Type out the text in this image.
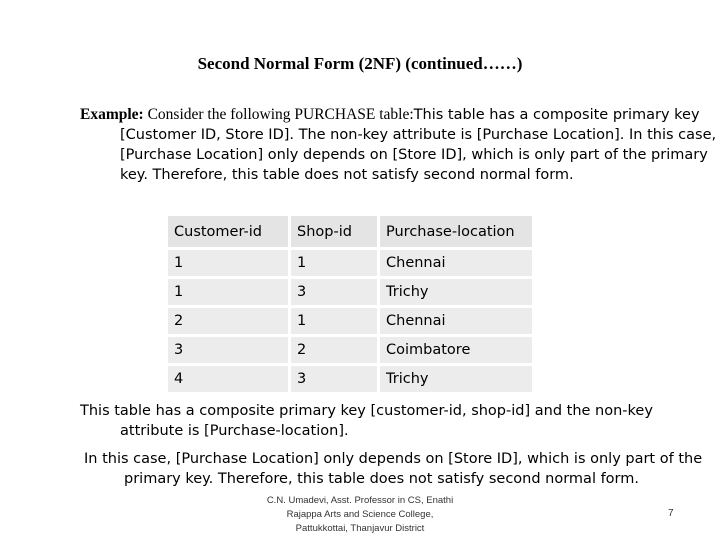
Second Normal Form (2NF) (continued……)
Example: Consider the following PURCHASE table:This table has a composite primary key [Customer ID, Store ID]. The non-key attribute is [Purchase Location]. In this case, [Purchase Location] only depends on [Store ID], which is only part of the primary key. Therefore, this table does not satisfy second normal form.
Customer-id	Shop-id	Purchase-location
1	1	Chennai
1	3	Trichy
2	1	Chennai
3	2	Coimbatore
4	3	Trichy
This table has a composite primary key [customer-id, shop-id] and the non-key attribute is [Purchase-location].
In this case, [Purchase Location] only depends on [Store ID], which is only part of the primary key. Therefore, this table does not satisfy second normal form.
C.N. Umadevi, Asst. Professor in CS, Enathi
Rajappa Arts and Science College,
Pattukkottai, Thanjavur District
7
